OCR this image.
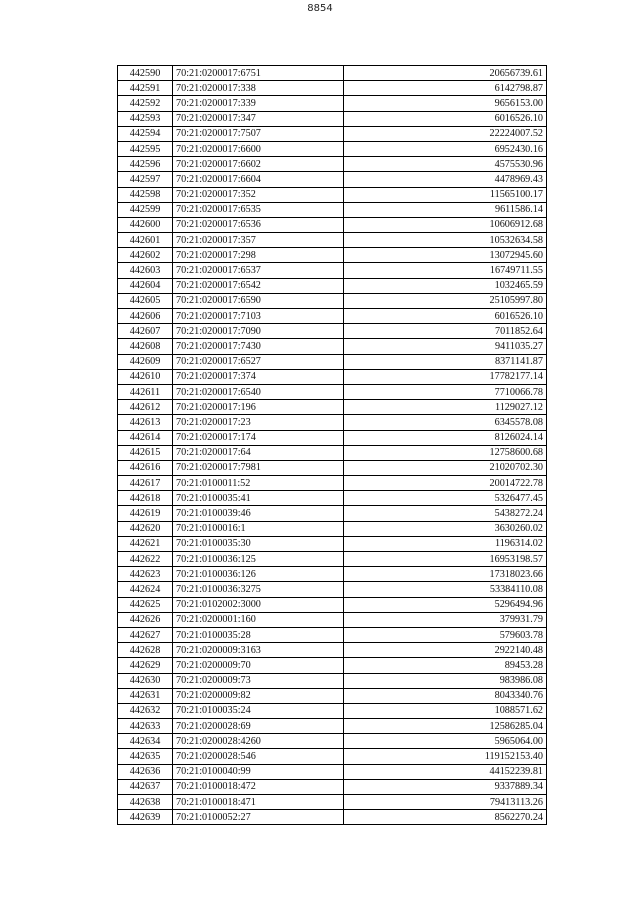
8854
442590	70:21:0200017:6751	20656739.61
442591	70:21:0200017:338	6142798.87
442592	70:21:0200017:339	9656153.00
442593	70:21:0200017:347	6016526.10
442594	70:21:0200017:7507	22224007.52
442595	70:21:0200017:6600	6952430.16
442596	70:21:0200017:6602	4575530.96
442597	70:21:0200017:6604	4478969.43
442598	70:21:0200017:352	11565100.17
442599	70:21:0200017:6535	9611586.14
442600	70:21:0200017:6536	10606912.68
442601	70:21:0200017:357	10532634.58
442602	70:21:0200017:298	13072945.60
442603	70:21:0200017:6537	16749711.55
442604	70:21:0200017:6542	1032465.59
442605	70:21:0200017:6590	25105997.80
442606	70:21:0200017:7103	6016526.10
442607	70:21:0200017:7090	7011852.64
442608	70:21:0200017:7430	9411035.27
442609	70:21:0200017:6527	8371141.87
442610	70:21:0200017:374	17782177.14
442611	70:21:0200017:6540	7710066.78
442612	70:21:0200017:196	1129027.12
442613	70:21:0200017:23	6345578.08
442614	70:21:0200017:174	8126024.14
442615	70:21:0200017:64	12758600.68
442616	70:21:0200017:7981	21020702.30
442617	70:21:0100011:52	20014722.78
442618	70:21:0100035:41	5326477.45
442619	70:21:0100039:46	5438272.24
442620	70:21:0100016:1	3630260.02
442621	70:21:0100035:30	1196314.02
442622	70:21:0100036:125	16953198.57
442623	70:21:0100036:126	17318023.66
442624	70:21:0100036:3275	53384110.08
442625	70:21:0102002:3000	5296494.96
442626	70:21:0200001:160	379931.79
442627	70:21:0100035:28	579603.78
442628	70:21:0200009:3163	2922140.48
442629	70:21:0200009:70	89453.28
442630	70:21:0200009:73	983986.08
442631	70:21:0200009:82	8043340.76
442632	70:21:0100035:24	1088571.62
442633	70:21:0200028:69	12586285.04
442634	70:21:0200028:4260	5965064.00
442635	70:21:0200028:546	119152153.40
442636	70:21:0100040:99	44152239.81
442637	70:21:0100018:472	9337889.34
442638	70:21:0100018:471	79413113.26
442639	70:21:0100052:27	8562270.24
